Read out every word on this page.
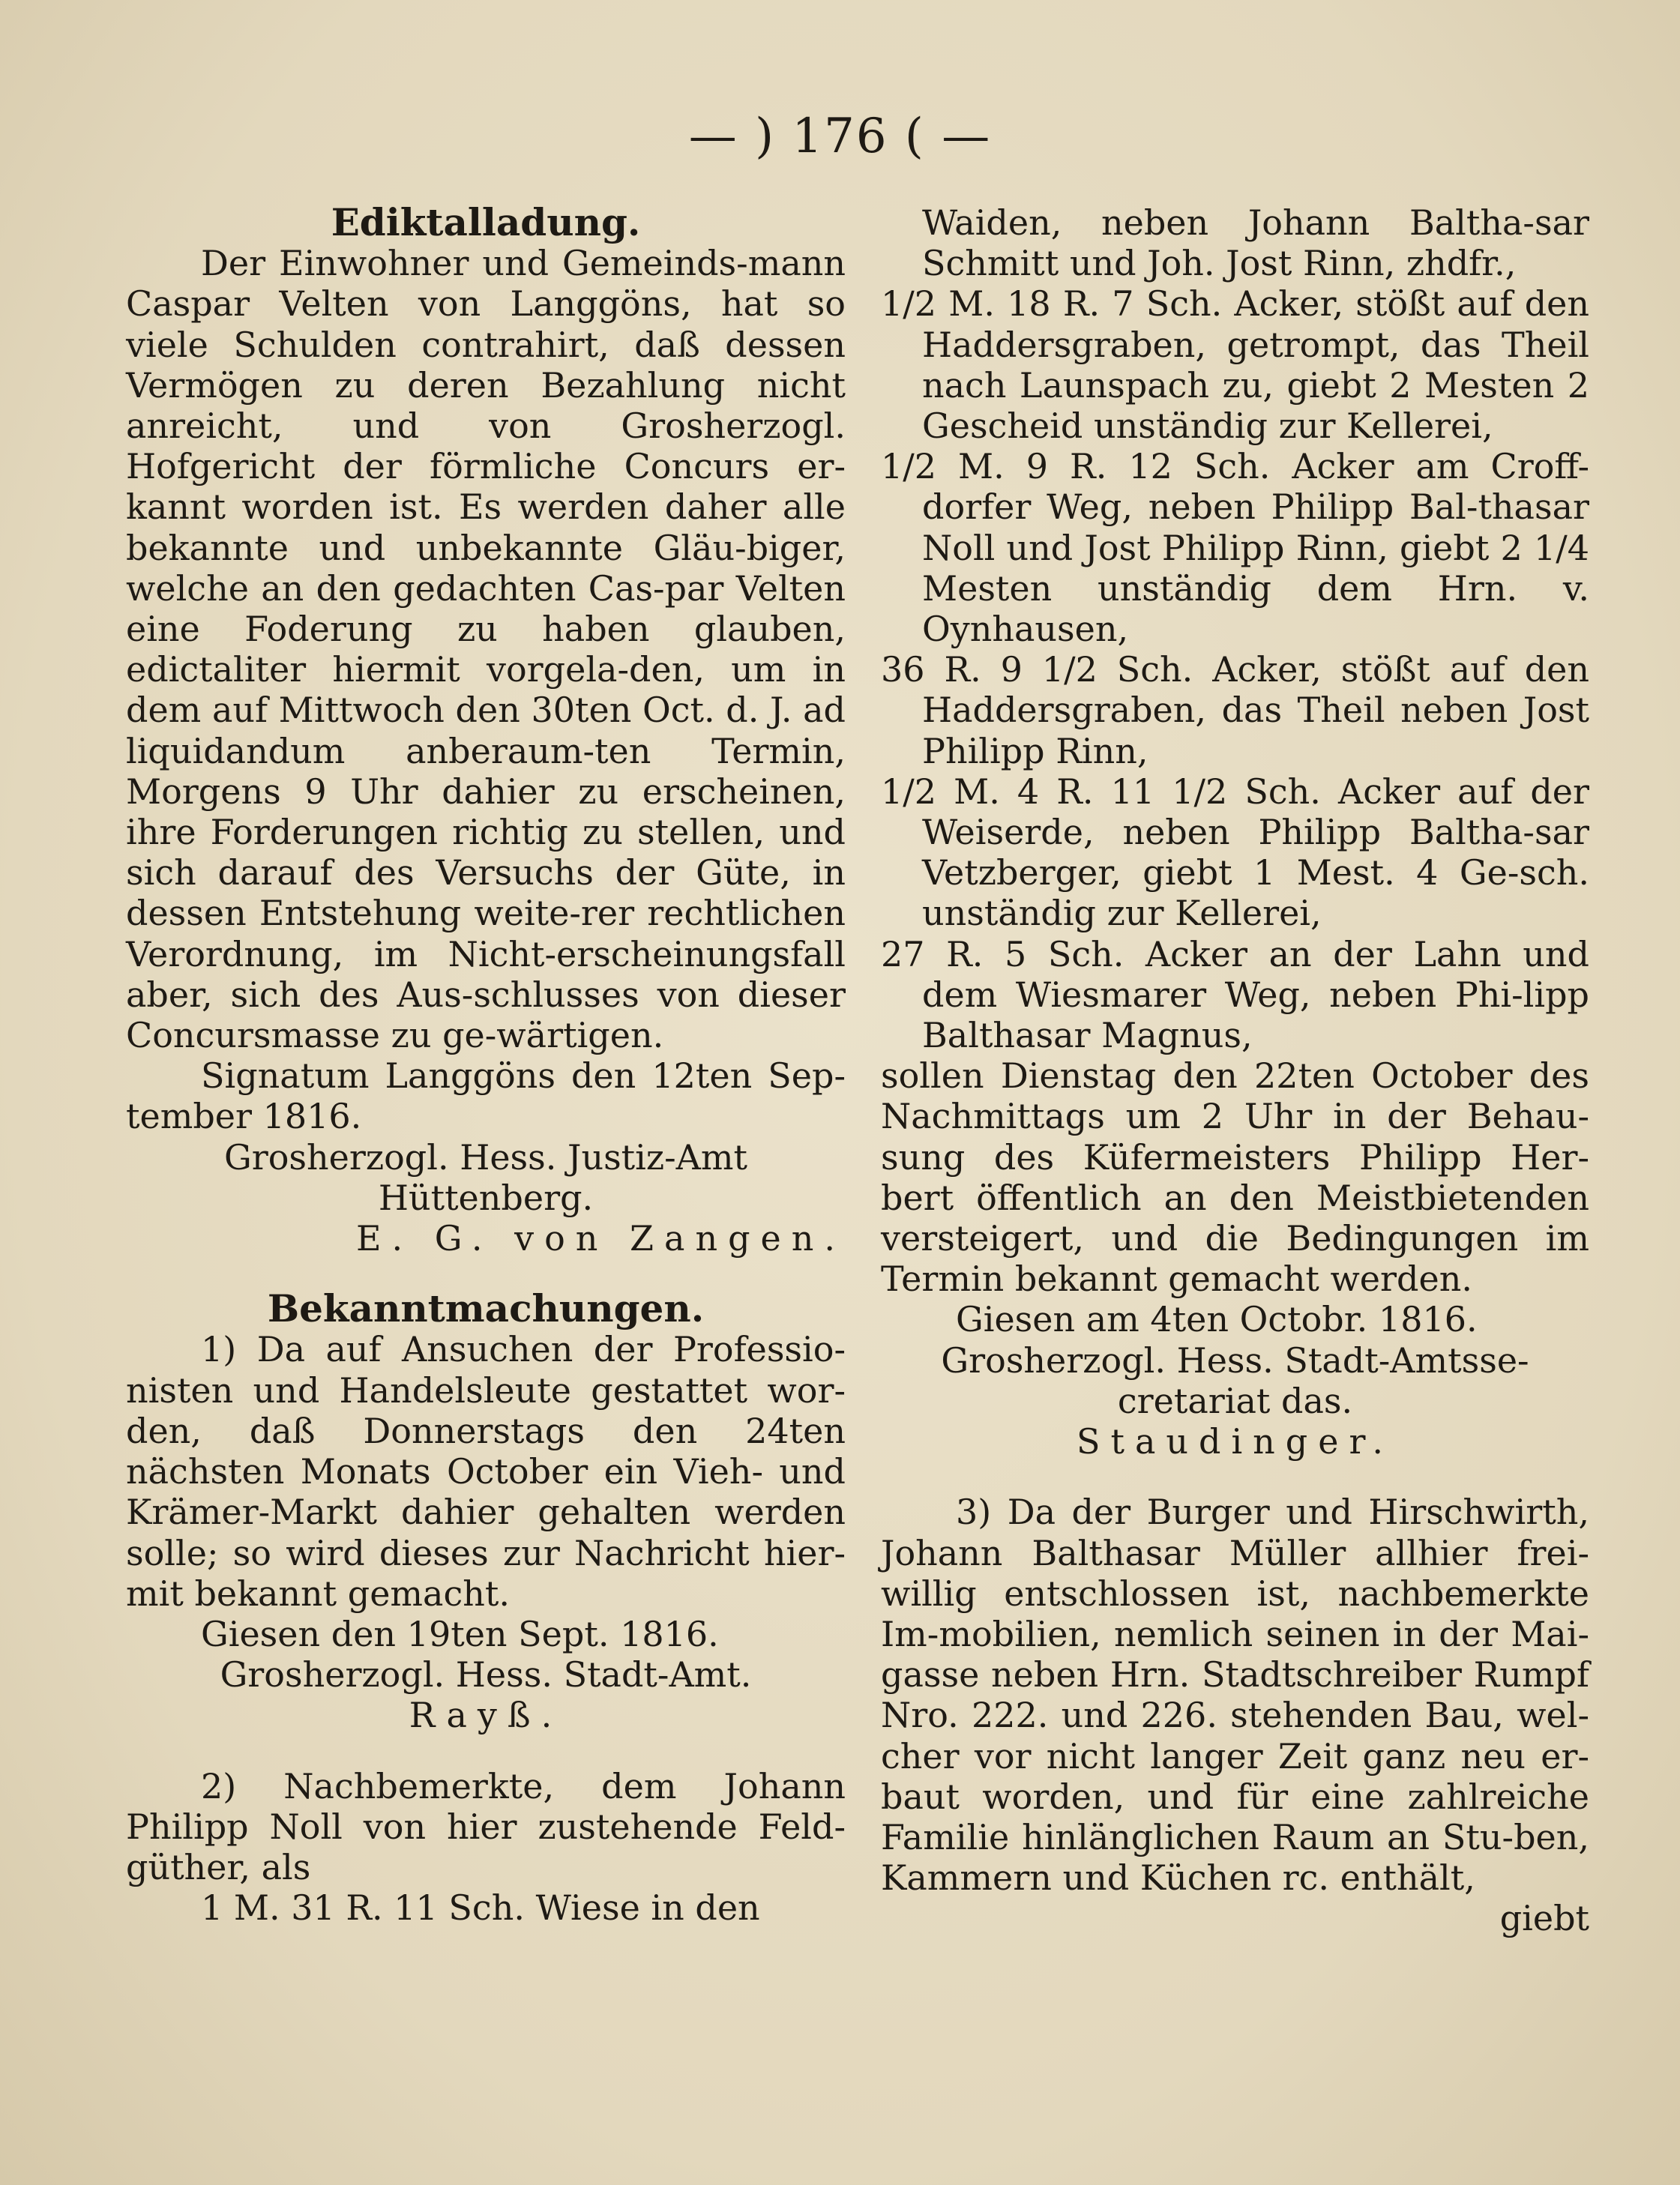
— ) 176 ( —

Ediktalladung.

Der Einwohner und Gemeinds-mann Caspar Velten von Langgöns, hat so viele Schulden contrahirt, daß dessen Vermögen zu deren Bezahlung nicht anreicht, und von Grosherzogl. Hofgericht der förmliche Concurs er-kannt worden ist. Es werden daher alle bekannte und unbekannte Gläu-biger, welche an den gedachten Cas-par Velten eine Foderung zu haben glauben, edictaliter hiermit vorgela-den, um in dem auf Mittwoch den 30ten Oct. d. J. ad liquidandum anberaum-ten Termin, Morgens 9 Uhr dahier zu erscheinen, ihre Forderungen richtig zu stellen, und sich darauf des Versuchs der Güte, in dessen Entstehung weite-rer rechtlichen Verordnung, im Nicht-erscheinungsfall aber, sich des Aus-schlusses von dieser Concursmasse zu ge-wärtigen.

Signatum Langgöns den 12ten Sep-tember 1816.

Grosherzogl. Hess. Justiz-Amt Hüttenberg.

E. G. von Zangen.

Bekanntmachungen.

1) Da auf Ansuchen der Professio-nisten und Handelsleute gestattet wor-den, daß Donnerstags den 24ten nächsten Monats October ein Vieh- und Krämer-Markt dahier gehalten werden solle; so wird dieses zur Nachricht hier-mit bekannt gemacht.

Giesen den 19ten Sept. 1816.

Grosherzogl. Hess. Stadt-Amt.

Rayß.

2) Nachbemerkte, dem Johann Philipp Noll von hier zustehende Feld-güther, als

1 M. 31 R. 11 Sch. Wiese in den

Waiden, neben Johann Baltha-sar Schmitt und Joh. Jost Rinn, zhdfr.,

1/2 M. 18 R. 7 Sch. Acker, stößt auf den Haddersgraben, getrompt, das Theil nach Launspach zu, giebt 2 Mesten 2 Gescheid unständig zur Kellerei,

1/2 M. 9 R. 12 Sch. Acker am Croff-dorfer Weg, neben Philipp Bal-thasar Noll und Jost Philipp Rinn, giebt 2 1/4 Mesten unständig dem Hrn. v. Oynhausen,

36 R. 9 1/2 Sch. Acker, stößt auf den Haddersgraben, das Theil neben Jost Philipp Rinn,

1/2 M. 4 R. 11 1/2 Sch. Acker auf der Weiserde, neben Philipp Baltha-sar Vetzberger, giebt 1 Mest. 4 Ge-sch. unständig zur Kellerei,

27 R. 5 Sch. Acker an der Lahn und dem Wiesmarer Weg, neben Phi-lipp Balthasar Magnus,

sollen Dienstag den 22ten October des Nachmittags um 2 Uhr in der Behau-sung des Küfermeisters Philipp Her-bert öffentlich an den Meistbietenden versteigert, und die Bedingungen im Termin bekannt gemacht werden.

Giesen am 4ten Octobr. 1816.

Grosherzogl. Hess. Stadt-Amtsse-cretariat das.

Staudinger.

3) Da der Burger und Hirschwirth, Johann Balthasar Müller allhier frei-willig entschlossen ist, nachbemerkte Im-mobilien, nemlich seinen in der Mai-gasse neben Hrn. Stadtschreiber Rumpf Nro. 222. und 226. stehenden Bau, wel-cher vor nicht langer Zeit ganz neu er-baut worden, und für eine zahlreiche Familie hinlänglichen Raum an Stu-ben, Kammern und Küchen rc. enthält,

giebt
